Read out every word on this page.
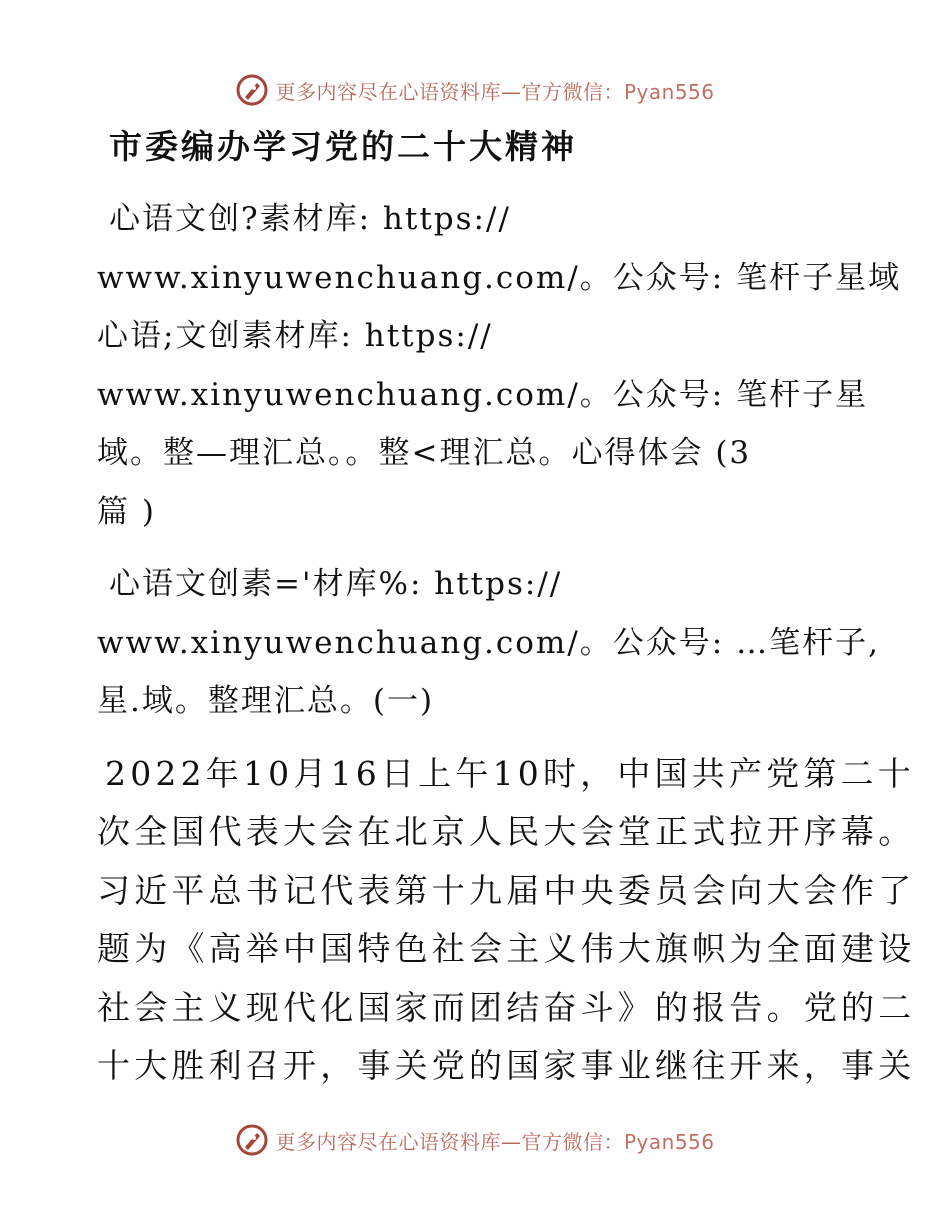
更多内容尽在心语资料库—官方微信：Pyan556
市委编办学习党的二十大精神

心语文创?素材库: https://
www.xinyuwenchuang.com/。公众号: 笔杆子星域
心语;文创素材库: https://
www.xinyuwenchuang.com/。公众号: 笔杆子星
域。整—理汇总。。整<理汇总。心得体会 (3
篇 )

心语文创素='材库%: https://
www.xinyuwenchuang.com/。公众号: …笔杆子,
星.域。整理汇总。(一)

2022年10月16日上午10时，中国共产党第二十
次全国代表大会在北京人民大会堂正式拉开序幕。
习近平总书记代表第十九届中央委员会向大会作了
题为《高举中国特色社会主义伟大旗帜为全面建设
社会主义现代化国家而团结奋斗》的报告。党的二
十大胜利召开，事关党的国家事业继往开来，事关

更多内容尽在心语资料库—官方微信：Pyan556
